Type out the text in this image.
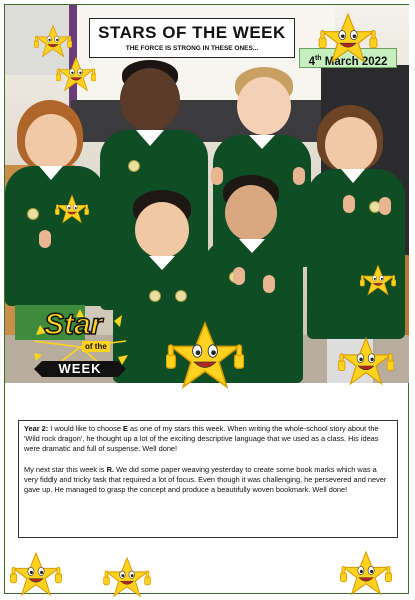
STARS OF THE WEEK
THE FORCE IS STRONG IN THESE ONES...
4th March 2022
Star
of the
WEEK

Year 2: I would like to choose E as one of my stars this week. When writing the whole-school story about the 'Wild rock dragon', he thought up a lot of the exciting descriptive language that we used as a class. His ideas were dramatic and full of suspense. Well done!

My next star this week is R. We did some paper weaving yesterday to create some book marks which was a very fiddly and tricky task that required a lot of focus. Even though it was challenging, he persevered and never gave up. He managed to grasp the concept and produce a beautifully woven bookmark. Well done!
